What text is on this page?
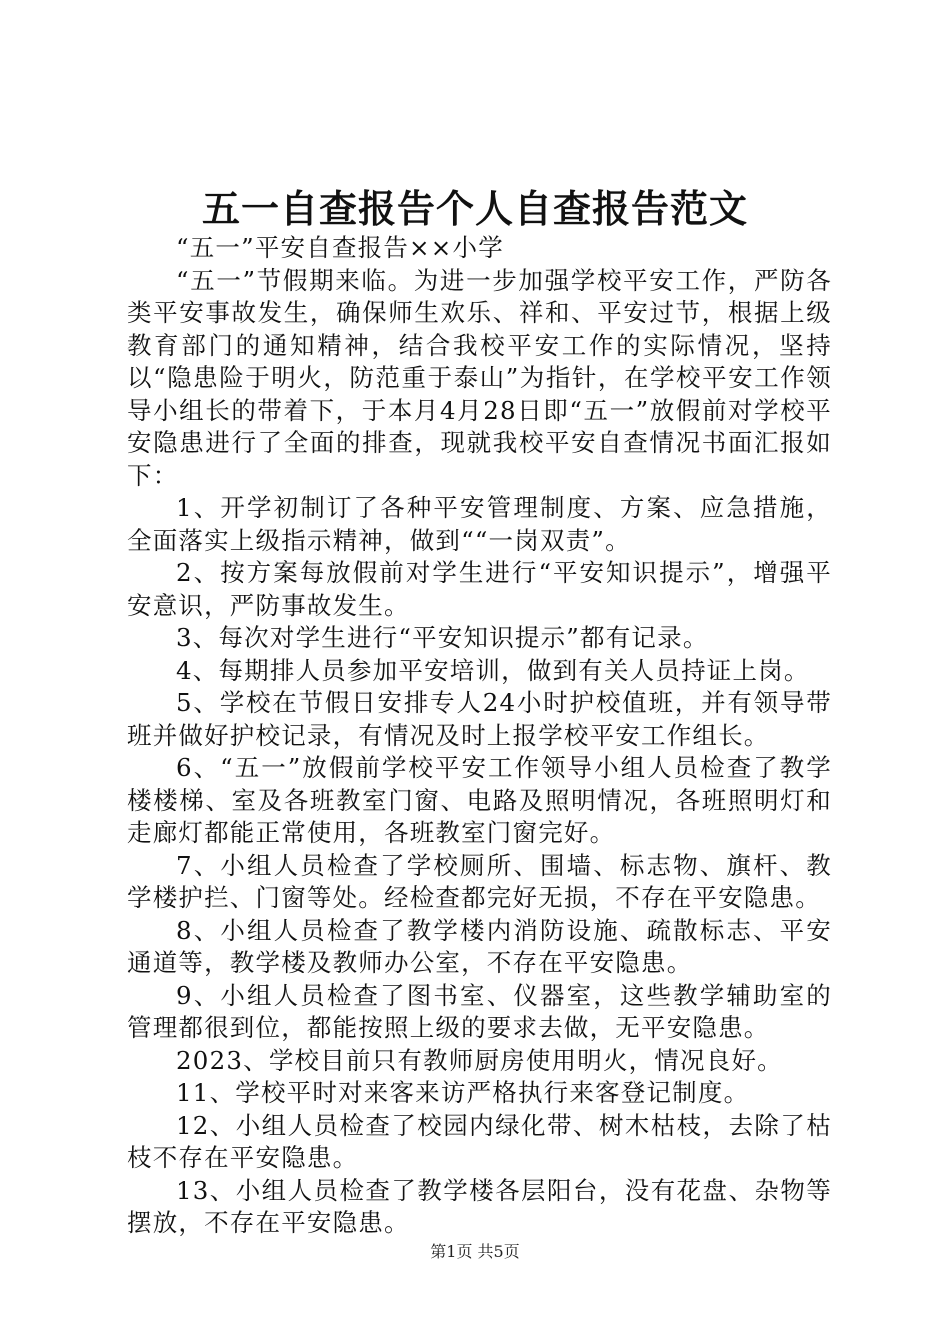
五一自查报告个人自查报告范文

“五一”平安自查报告××小学

“五一”节假期来临。为进一步加强学校平安工作，严防各类平安事故发生，确保师生欢乐、祥和、平安过节，根据上级教育部门的通知精神，结合我校平安工作的实际情况，坚持以“隐患险于明火，防范重于泰山”为指针，在学校平安工作领导小组长的带着下，于本月4月28日即“五一”放假前对学校平安隐患进行了全面的排查，现就我校平安自查情况书面汇报如下：

1、开学初制订了各种平安管理制度、方案、应急措施，全面落实上级指示精神，做到““一岗双责”。

2、按方案每放假前对学生进行“平安知识提示”，增强平安意识，严防事故发生。

3、每次对学生进行“平安知识提示”都有记录。

4、每期排人员参加平安培训，做到有关人员持证上岗。

5、学校在节假日安排专人24小时护校值班，并有领导带班并做好护校记录，有情况及时上报学校平安工作组长。

6、“五一”放假前学校平安工作领导小组人员检查了教学楼楼梯、室及各班教室门窗、电路及照明情况，各班照明灯和走廊灯都能正常使用，各班教室门窗完好。

7、小组人员检查了学校厕所、围墙、标志物、旗杆、教学楼护拦、门窗等处。经检查都完好无损，不存在平安隐患。

8、小组人员检查了教学楼内消防设施、疏散标志、平安通道等，教学楼及教师办公室，不存在平安隐患。

9、小组人员检查了图书室、仪器室，这些教学辅助室的管理都很到位，都能按照上级的要求去做，无平安隐患。

2023、学校目前只有教师厨房使用明火，情况良好。

11、学校平时对来客来访严格执行来客登记制度。

12、小组人员检查了校园内绿化带、树木枯枝，去除了枯枝不存在平安隐患。

13、小组人员检查了教学楼各层阳台，没有花盘、杂物等摆放，不存在平安隐患。

第1页 共5页
